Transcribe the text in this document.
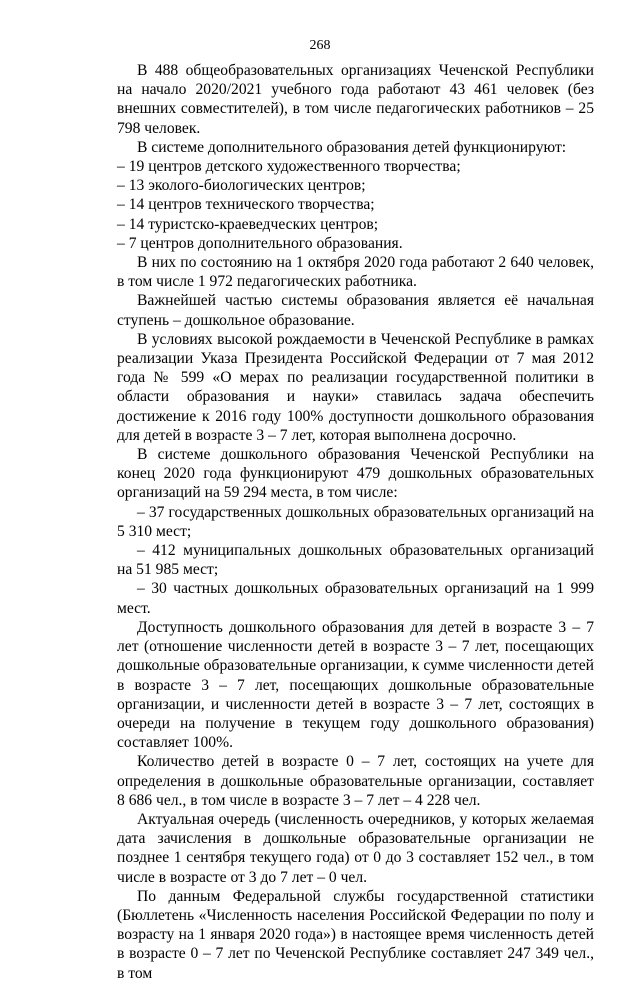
268

В 488 общеобразовательных организациях Чеченской Республики на начало 2020/2021 учебного года работают 43 461 человек (без внешних совместителей), в том числе педагогических работников – 25 798 человек.

В системе дополнительного образования детей функционируют:

– 19 центров детского художественного творчества;

– 13 эколого-биологических центров;

– 14 центров технического творчества;

– 14 туристско-краеведческих центров;

– 7 центров дополнительного образования.

В них по состоянию на 1 октября 2020 года работают 2 640 человек, в том числе 1 972 педагогических работника.

Важнейшей частью системы образования является её начальная ступень – дошкольное образование.

В условиях высокой рождаемости в Чеченской Республике в рамках реализации Указа Президента Российской Федерации от 7 мая 2012 года № 599 «О мерах по реализации государственной политики в области образования и науки» ставилась задача обеспечить достижение к 2016 году 100% доступности дошкольного образования для детей в возрасте 3 – 7 лет, которая выполнена досрочно.

В системе дошкольного образования Чеченской Республики на конец 2020 года функционируют 479 дошкольных образовательных организаций на 59 294 места, в том числе:

– 37 государственных дошкольных образовательных организаций на 5 310 мест;

– 412 муниципальных дошкольных образовательных организаций на 51 985 мест;

– 30 частных дошкольных образовательных организаций на 1 999 мест.

Доступность дошкольного образования для детей в возрасте 3 – 7 лет (отношение численности детей в возрасте 3 – 7 лет, посещающих дошкольные образовательные организации, к сумме численности детей в возрасте 3 – 7 лет, посещающих дошкольные образовательные организации, и численности детей в возрасте 3 – 7 лет, состоящих в очереди на получение в текущем году дошкольного образования) составляет 100%.

Количество детей в возрасте 0 – 7 лет, состоящих на учете для определения в дошкольные образовательные организации, составляет 8 686 чел., в том числе в возрасте 3 – 7 лет – 4 228 чел.

Актуальная очередь (численность очередников, у которых желаемая дата зачисления в дошкольные образовательные организации не позднее 1 сентября текущего года) от 0 до 3 составляет 152 чел., в том числе в возрасте от 3 до 7 лет – 0 чел.

По данным Федеральной службы государственной статистики (Бюллетень «Численность населения Российской Федерации по полу и возрасту на 1 января 2020 года») в настоящее время численность детей в возрасте 0 – 7 лет по Чеченской Республике составляет 247 349 чел., в том
